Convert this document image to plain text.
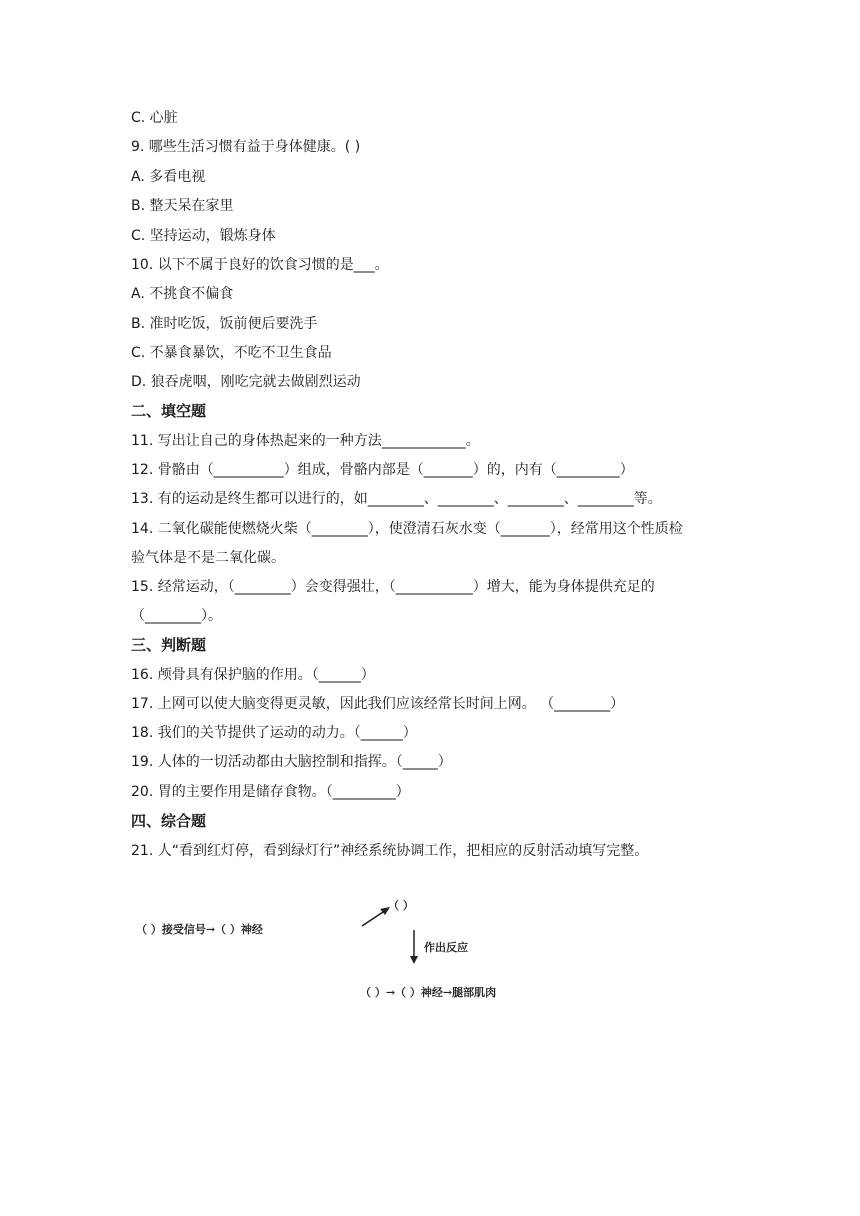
C. 心脏
9. 哪些生活习惯有益于身体健康。( )
A. 多看电视
B. 整天呆在家里
C. 坚持运动，锻炼身体
10. 以下不属于良好的饮食习惯的是___。
A. 不挑食不偏食
B. 准时吃饭，饭前便后要洗手
C. 不暴食暴饮，不吃不卫生食品
D. 狼吞虎咽，刚吃完就去做剧烈运动
二、填空题
11. 写出让自己的身体热起来的一种方法____________。
12. 骨骼由（__________）组成，骨骼内部是（_______）的，内有（_________）
13. 有的运动是终生都可以进行的，如________、________、________、________等。
14. 二氧化碳能使燃烧火柴（________），使澄清石灰水变（_______），经常用这个性质检
验气体是不是二氧化碳。
15. 经常运动，（________）会变得强壮，（___________）增大，能为身体提供充足的
（________）。
三、判断题
16. 颅骨具有保护脑的作用。（______）
17. 上网可以使大脑变得更灵敏，因此我们应该经常长时间上网。 （________）
18. 我们的关节提供了运动的动力。（______）
19. 人体的一切活动都由大脑控制和指挥。（_____）
20. 胃的主要作用是储存食物。（_________）
四、综合题
21. 人“看到红灯停，看到绿灯行”神经系统协调工作，把相应的反射活动填写完整。
（ ）接受信号→（ ）神经
（ ）
作出反应
（ ）→（ ）神经→腿部肌肉
